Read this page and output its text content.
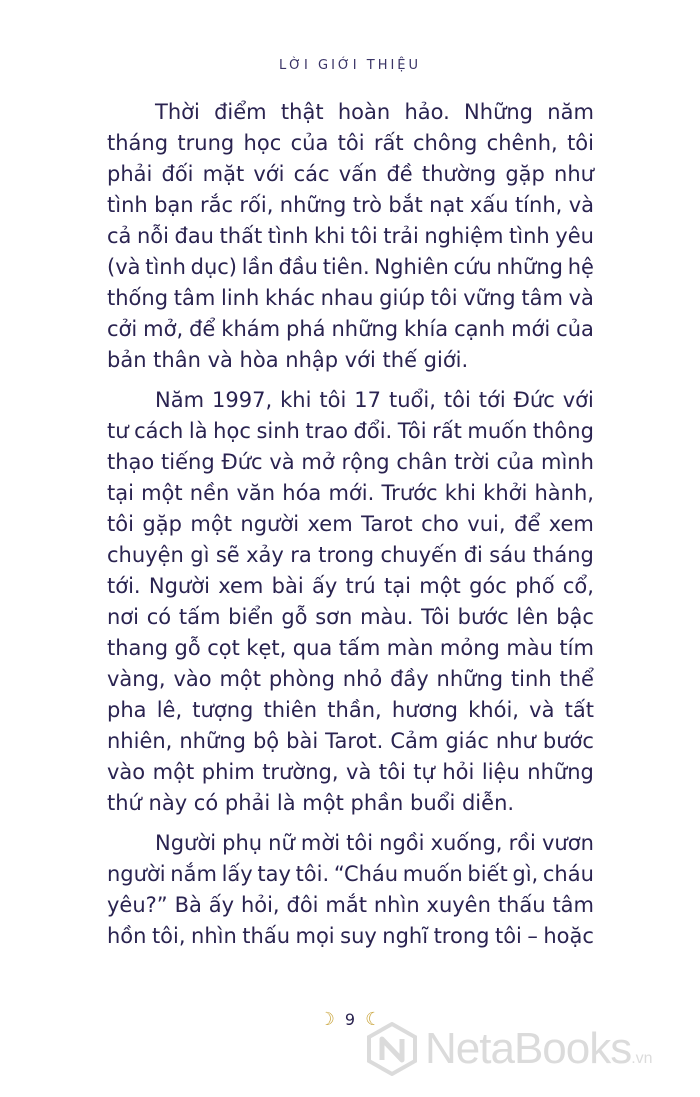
LỜI GIỚI THIỆU
Thời điểm thật hoàn hảo. Những năm
tháng trung học của tôi rất chông chênh, tôi
phải đối mặt với các vấn đề thường gặp như
tình bạn rắc rối, những trò bắt nạt xấu tính, và
cả nỗi đau thất tình khi tôi trải nghiệm tình yêu
(và tình dục) lần đầu tiên. Nghiên cứu những hệ
thống tâm linh khác nhau giúp tôi vững tâm và
cởi mở, để khám phá những khía cạnh mới của
bản thân và hòa nhập với thế giới.
Năm 1997, khi tôi 17 tuổi, tôi tới Đức với
tư cách là học sinh trao đổi. Tôi rất muốn thông
thạo tiếng Đức và mở rộng chân trời của mình
tại một nền văn hóa mới. Trước khi khởi hành,
tôi gặp một người xem Tarot cho vui, để xem
chuyện gì sẽ xảy ra trong chuyến đi sáu tháng
tới. Người xem bài ấy trú tại một góc phố cổ,
nơi có tấm biển gỗ sơn màu. Tôi bước lên bậc
thang gỗ cọt kẹt, qua tấm màn mỏng màu tím
vàng, vào một phòng nhỏ đầy những tinh thể
pha lê, tượng thiên thần, hương khói, và tất
nhiên, những bộ bài Tarot. Cảm giác như bước
vào một phim trường, và tôi tự hỏi liệu những
thứ này có phải là một phần buổi diễn.
Người phụ nữ mời tôi ngồi xuống, rồi vươn
người nắm lấy tay tôi. “Cháu muốn biết gì, cháu
yêu?” Bà ấy hỏi, đôi mắt nhìn xuyên thấu tâm
hồn tôi, nhìn thấu mọi suy nghĩ trong tôi – hoặc
☽ 9 ☾
NetaBooks.vn
